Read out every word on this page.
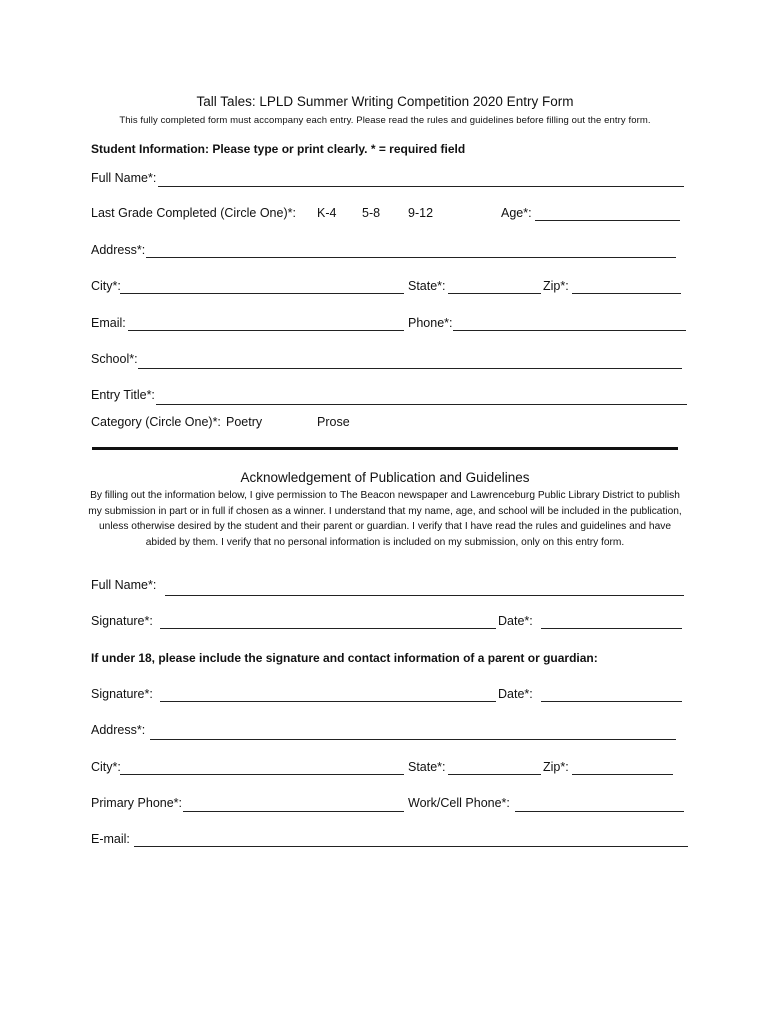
Tall Tales: LPLD Summer Writing Competition 2020 Entry Form
This fully completed form must accompany each entry. Please read the rules and guidelines before filling out the entry form.
Student Information: Please type or print clearly. * = required field
Full Name*:
Last Grade Completed (Circle One)*: K-4 5-8 9-12	Age*:
Address*:
City*:	State*:	Zip*:
Email:	Phone*:
School*:
Entry Title*:
Category (Circle One)*: Poetry	Prose
Acknowledgement of Publication and Guidelines
By filling out the information below, I give permission to The Beacon newspaper and Lawrenceburg Public Library District to publish my submission in part or in full if chosen as a winner. I understand that my name, age, and school will be included in the publication, unless otherwise desired by the student and their parent or guardian. I verify that I have read the rules and guidelines and have abided by them. I verify that no personal information is included on my submission, only on this entry form.
Full Name*:
Signature*:	Date*:
If under 18, please include the signature and contact information of a parent or guardian:
Signature*:	Date*:
Address*:
City*:	State*:	Zip*:
Primary Phone*:	Work/Cell Phone*:
E-mail:
